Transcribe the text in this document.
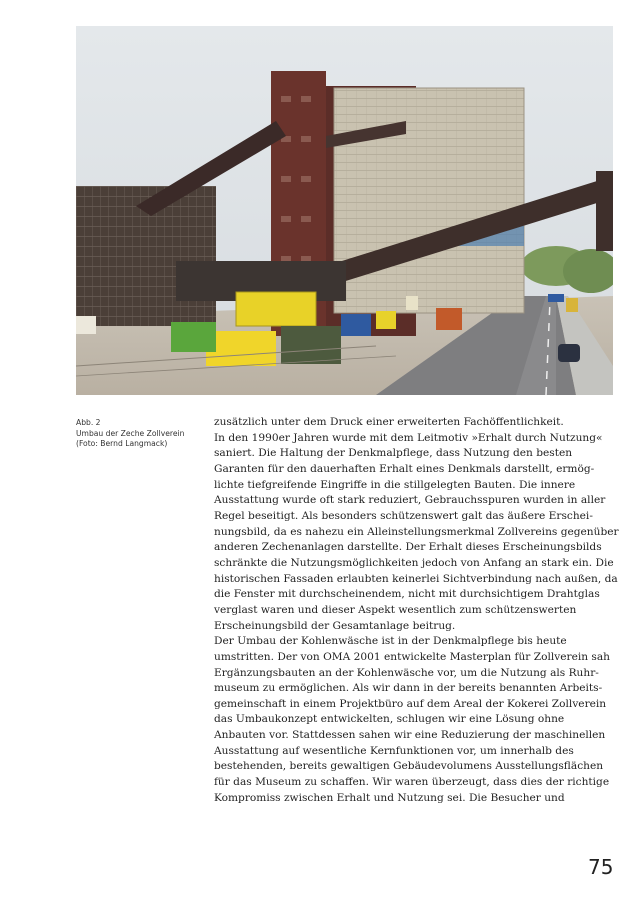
Abb. 2
Umbau der Zeche Zollverein
(Foto: Bernd Langmack)
zusätzlich unter dem Druck einer erweiterten Fachöffentlichkeit.
In den 1990er Jahren wurde mit dem Leitmotiv »Erhalt durch Nutzung«
saniert. Die Haltung der Denkmalpflege, dass Nutzung den besten
Garanten für den dauerhaften Erhalt eines Denkmals darstellt, ermög-
lichte tiefgreifende Eingriffe in die stillgelegten Bauten. Die innere
Ausstattung wurde oft stark reduziert, Gebrauchsspuren wurden in aller
Regel beseitigt. Als besonders schützenswert galt das äußere Erschei-
nungsbild, da es nahezu ein Alleinstellungsmerkmal Zollvereins gegenüber
anderen Zechenanlagen darstellte. Der Erhalt dieses Erscheinungsbilds
schränkte die Nutzungsmöglichkeiten jedoch von Anfang an stark ein. Die
historischen Fassaden erlaubten keinerlei Sichtverbindung nach außen, da
die Fenster mit durchscheinendem, nicht mit durchsichtigem Drahtglas
verglast waren und dieser Aspekt wesentlich zum schützenswerten
Erscheinungsbild der Gesamtanlage beitrug.
Der Umbau der Kohlenwäsche ist in der Denkmalpflege bis heute
umstritten. Der von OMA 2001 entwickelte Masterplan für Zollverein sah
Ergänzungsbauten an der Kohlenwäsche vor, um die Nutzung als Ruhr-
museum zu ermöglichen. Als wir dann in der bereits benannten Arbeits-
gemeinschaft in einem Projektbüro auf dem Areal der Kokerei Zollverein
das Umbaukonzept entwickelten, schlugen wir eine Lösung ohne
Anbauten vor. Stattdessen sahen wir eine Reduzierung der maschinellen
Ausstattung auf wesentliche Kernfunktionen vor, um innerhalb des
bestehenden, bereits gewaltigen Gebäudevolumens Ausstellungsflächen
für das Museum zu schaffen. Wir waren überzeugt, dass dies der richtige
Kompromiss zwischen Erhalt und Nutzung sei. Die Besucher und
75
